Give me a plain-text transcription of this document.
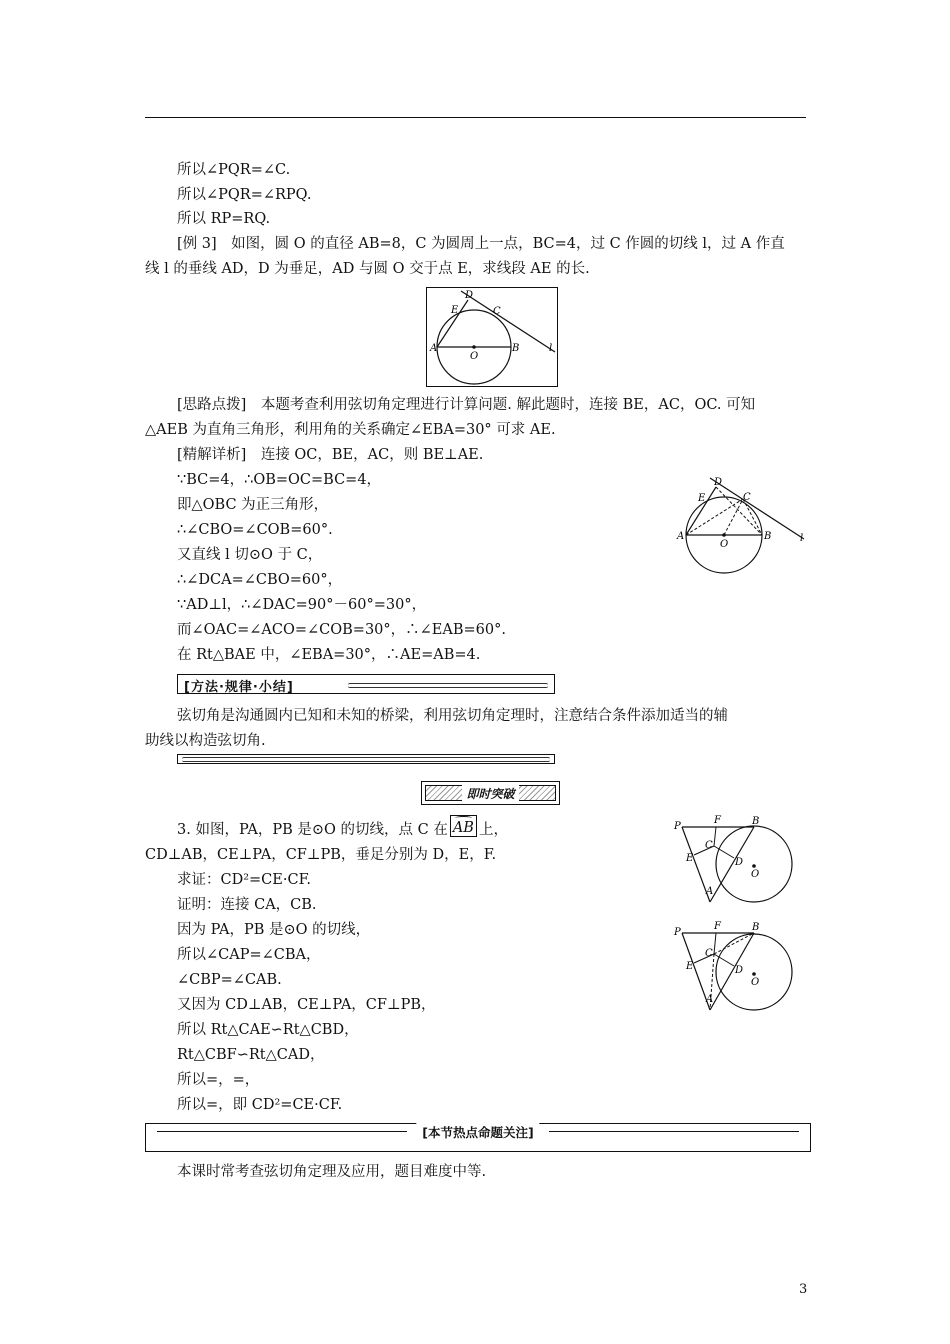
所以∠PQR=∠C.
所以∠PQR=∠RPQ.
所以 RP=RQ.
[例 3]　如图，圆 O 的直径 AB=8，C 为圆周上一点，BC=4，过 C 作圆的切线 l，过 A 作直
线 l 的垂线 AD，D 为垂足，AD 与圆 O 交于点 E，求线段 AE 的长.
A
O
B
E
D
C
l
[思路点拨]　本题考查利用弦切角定理进行计算问题. 解此题时，连接 BE，AC，OC. 可知
△AEB 为直角三角形，利用角的关系确定∠EBA=30° 可求 AE.
[精解详析]　连接 OC，BE，AC，则 BE⊥AE.
∵BC=4，∴OB=OC=BC=4，
即△OBC 为正三角形，
∴∠CBO=∠COB=60°.
又直线 l 切⊙O 于 C，
∴∠DCA=∠CBO=60°，
∵AD⊥l，∴∠DAC=90°－60°=30°，
而∠OAC=∠ACO=∠COB=30°，∴∠EAB=60°.
在 Rt△BAE 中，∠EBA=30°，∴AE=AB=4.
A
O
B
E
D
C
l
[方法·规律·小结]
弦切角是沟通圆内已知和未知的桥梁，利用弦切角定理时，注意结合条件添加适当的辅
助线以构造弦切角.
即时突破
3. 如图，PA，PB 是⊙O 的切线，点 C 在 AB 上，
CD⊥AB，CE⊥PA，CF⊥PB，垂足分别为 D，E，F.
求证：CD²=CE·CF.
证明：连接 CA，CB.
因为 PA，PB 是⊙O 的切线，
所以∠CAP=∠CBA，
∠CBP=∠CAB.
又因为 CD⊥AB，CE⊥PA，CF⊥PB，
所以 Rt△CAE∽Rt△CBD，
Rt△CBF∽Rt△CAD，
所以=，=，
所以=，即 CD²=CE·CF.
P
F	B
C
E	D
O
A
P
F	B
C
E	D
O
A
[本节热点命题关注]
本课时常考查弦切角定理及应用，题目难度中等.
3
